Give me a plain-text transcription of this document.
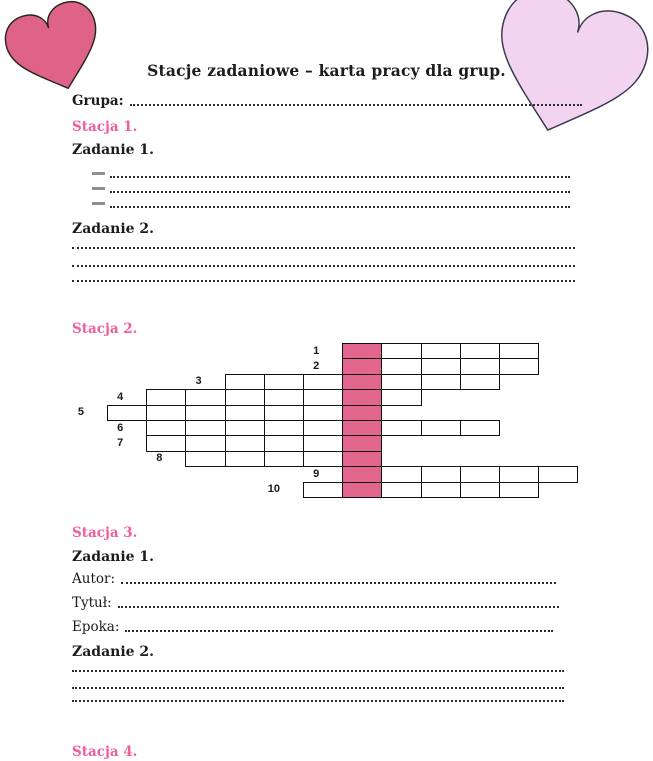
Stacje zadaniowe – karta pracy dla grup.
Grupa:
Stacja 1.
Zadanie 1.
Zadanie 2.
Stacja 2.
1
2
3
4
5
6
7
8
9
10
Stacja 3.
Zadanie 1.
Autor:
Tytuł:
Epoka:
Zadanie 2.
Stacja 4.
